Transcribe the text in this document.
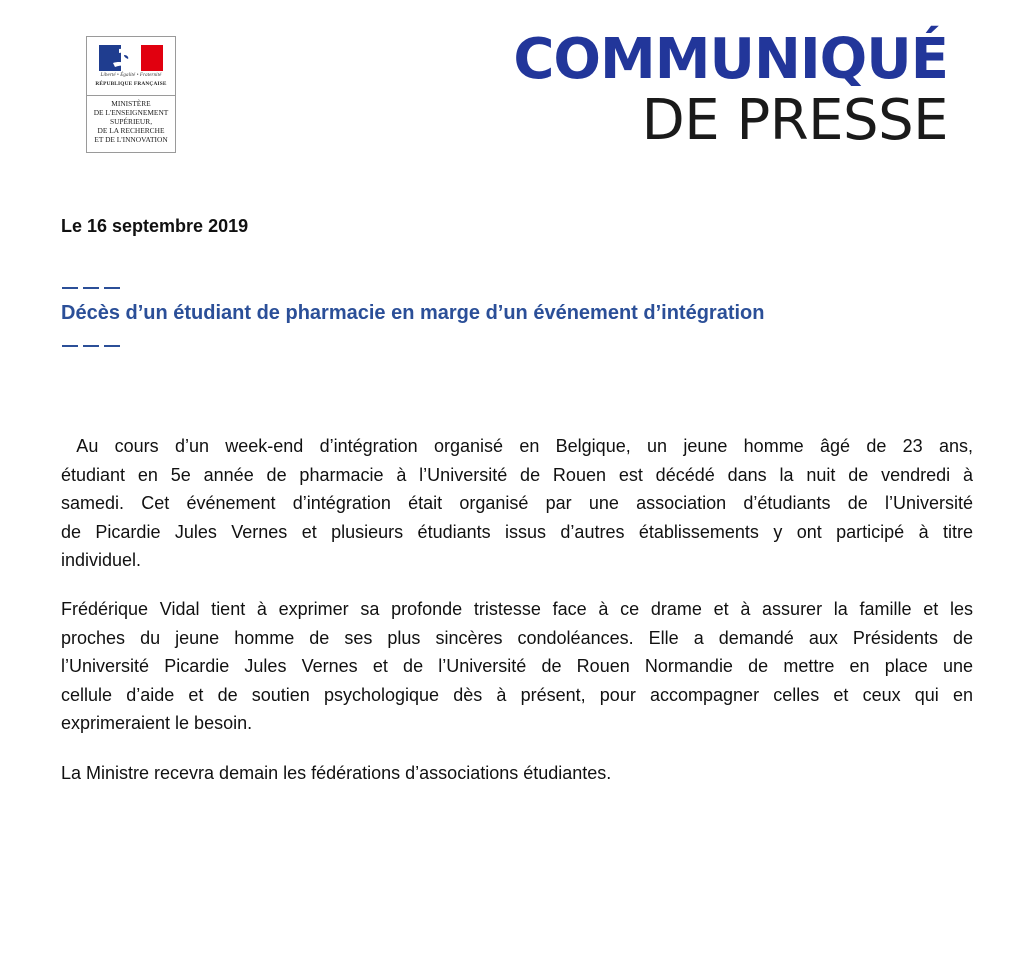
Liberté • Égalité • Fraternité
RÉPUBLIQUE FRANÇAISE
MINISTÈRE
DE L'ENSEIGNEMENT
SUPÉRIEUR,
DE LA RECHERCHE
ET DE L'INNOVATION
COMMUNIQUÉ
DE PRESSE
Le 16 septembre 2019
Décès d’un étudiant de pharmacie en marge d’un événement d’intégration

Au cours d’un week-end d’intégration organisé en Belgique, un jeune homme âgé de 23 ans,
étudiant en 5e année de pharmacie à l’Université de Rouen est décédé dans la nuit de vendredi à
samedi. Cet événement d’intégration était organisé par une association d’étudiants de l’Université
de Picardie Jules Vernes et plusieurs étudiants issus d’autres établissements y ont participé à titre
individuel.

Frédérique Vidal tient à exprimer sa profonde tristesse face à ce drame et à assurer la famille et les
proches du jeune homme de ses plus sincères condoléances. Elle a demandé aux Présidents de
l’Université Picardie Jules Vernes et de l’Université de Rouen Normandie de mettre en place une
cellule d’aide et de soutien psychologique dès à présent, pour accompagner celles et ceux qui en
exprimeraient le besoin.

La Ministre recevra demain les fédérations d’associations étudiantes.
